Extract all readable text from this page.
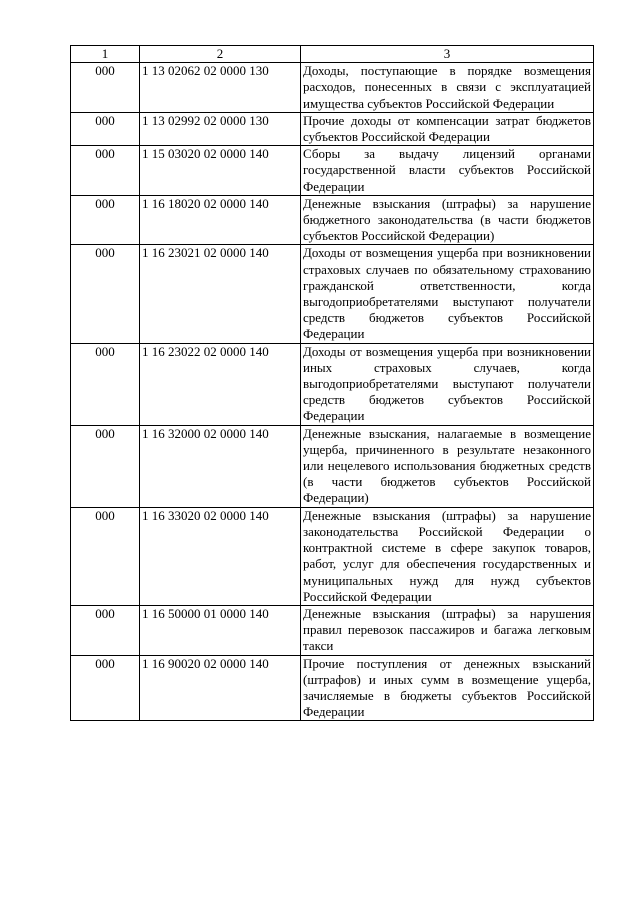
1	2	3
000	1 13 02062 02 0000 130	Доходы, поступающие в порядке возмещения расходов, понесенных в связи с эксплуатацией имущества субъектов Российской Федерации
000	1 13 02992 02 0000 130	Прочие доходы от компенсации затрат бюджетов субъектов Российской Федерации
000	1 15 03020 02 0000 140	Сборы за выдачу лицензий органами государственной власти субъектов Российской Федерации
000	1 16 18020 02 0000 140	Денежные взыскания (штрафы) за нарушение бюджетного законодательства (в части бюджетов субъектов Российской Федерации)
000	1 16 23021 02 0000 140	Доходы от возмещения ущерба при возникновении страховых случаев по обязательному страхованию гражданской ответственности, когда выгодоприобретателями выступают получатели средств бюджетов субъектов Российской Федерации
000	1 16 23022 02 0000 140	Доходы от возмещения ущерба при возникновении иных страховых случаев, когда выгодоприобретателями выступают получатели средств бюджетов субъектов Российской Федерации
000	1 16 32000 02 0000 140	Денежные взыскания, налагаемые в возмещение ущерба, причиненного в результате незаконного или нецелевого использования бюджетных средств (в части бюджетов субъектов Российской Федерации)
000	1 16 33020 02 0000 140	Денежные взыскания (штрафы) за нарушение законодательства Российской Федерации о контрактной системе в сфере закупок товаров, работ, услуг для обеспечения государственных и муниципальных нужд для нужд субъектов Российской Федерации
000	1 16 50000 01 0000 140	Денежные взыскания (штрафы) за нарушения правил перевозок пассажиров и багажа легковым такси
000	1 16 90020 02 0000 140	Прочие поступления от денежных взысканий (штрафов) и иных сумм в возмещение ущерба, зачисляемые в бюджеты субъектов Российской Федерации
